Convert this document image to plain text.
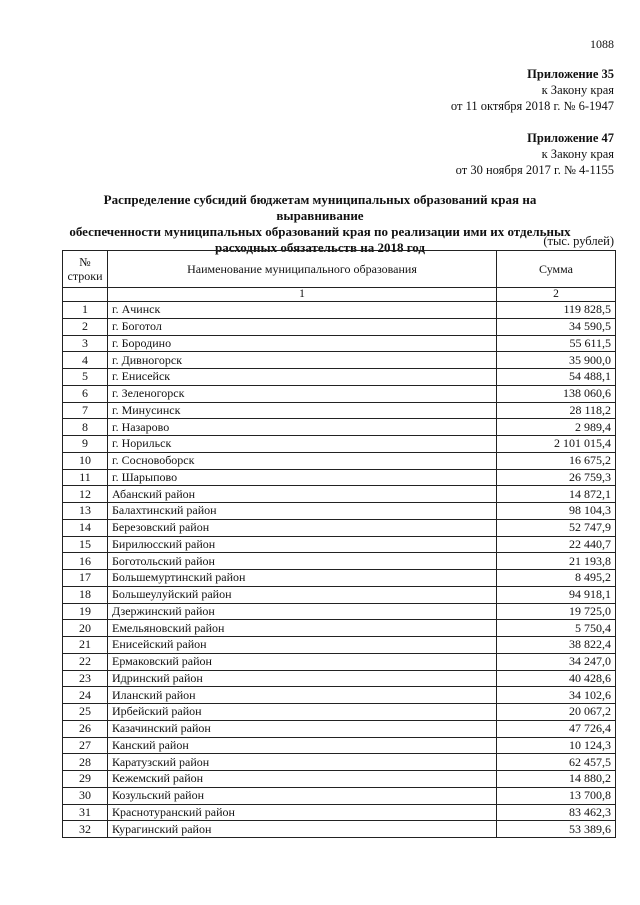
1088
Приложение 35
к Закону края
от 11 октября 2018 г. № 6-1947
Приложение 47
к Закону края
от 30 ноября 2017 г. № 4-1155
Распределение субсидий бюджетам муниципальных образований края на выравнивание
обеспеченности муниципальных образований края по реализации ими их отдельных
расходных обязательств на 2018 год	(тыс. рублей)
№
строки	Наименование муниципального образования	Сумма
	1	2
1	г. Ачинск	119 828,5
2	г. Боготол	34 590,5
3	г. Бородино	55 611,5
4	г. Дивногорск	35 900,0
5	г. Енисейск	54 488,1
6	г. Зеленогорск	138 060,6
7	г. Минусинск	28 118,2
8	г. Назарово	2 989,4
9	г. Норильск	2 101 015,4
10	г. Сосновоборск	16 675,2
11	г. Шарыпово	26 759,3
12	Абанский район	14 872,1
13	Балахтинский район	98 104,3
14	Березовский район	52 747,9
15	Бирилюсский район	22 440,7
16	Боготольский район	21 193,8
17	Большемуртинский район	8 495,2
18	Большеулуйский район	94 918,1
19	Дзержинский район	19 725,0
20	Емельяновский район	5 750,4
21	Енисейский район	38 822,4
22	Ермаковский район	34 247,0
23	Идринский район	40 428,6
24	Иланский район	34 102,6
25	Ирбейский район	20 067,2
26	Казачинский район	47 726,4
27	Канский район	10 124,3
28	Каратузский район	62 457,5
29	Кежемский район	14 880,2
30	Козульский район	13 700,8
31	Краснотуранский район	83 462,3
32	Курагинский район	53 389,6
